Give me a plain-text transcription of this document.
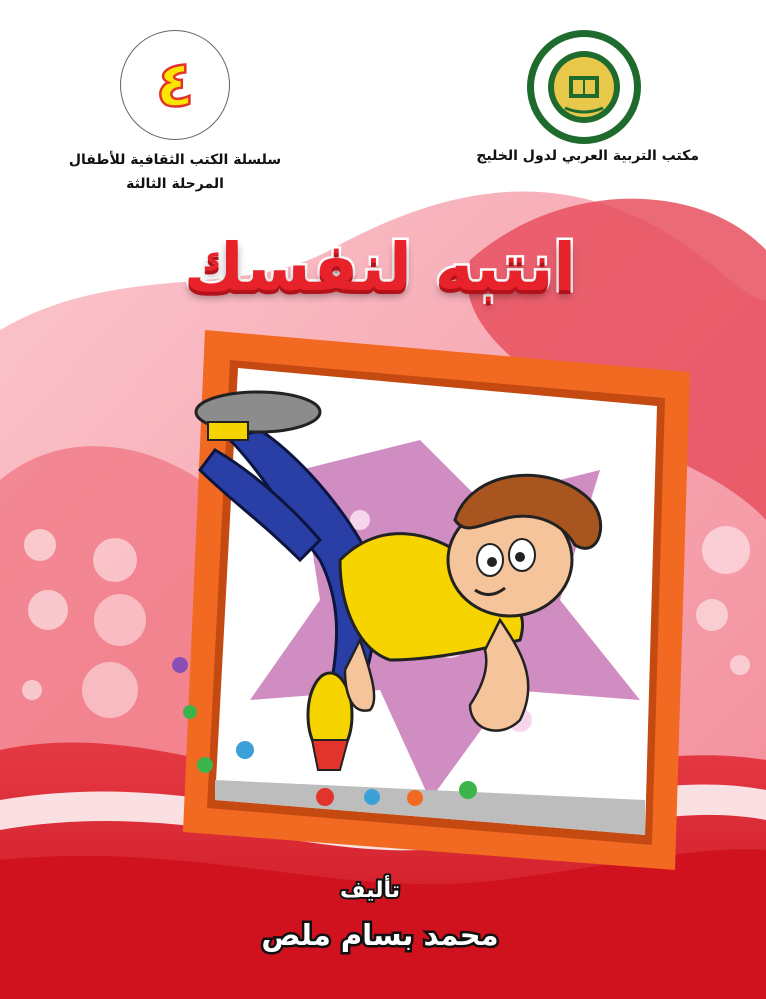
٤
مكتب التربية العربي لدول الخليج
سلسلة الكتب الثقافية للأطفال
المرحلة الثالثة
انتبه لنفسك
تأليف
محمد بسام ملص
